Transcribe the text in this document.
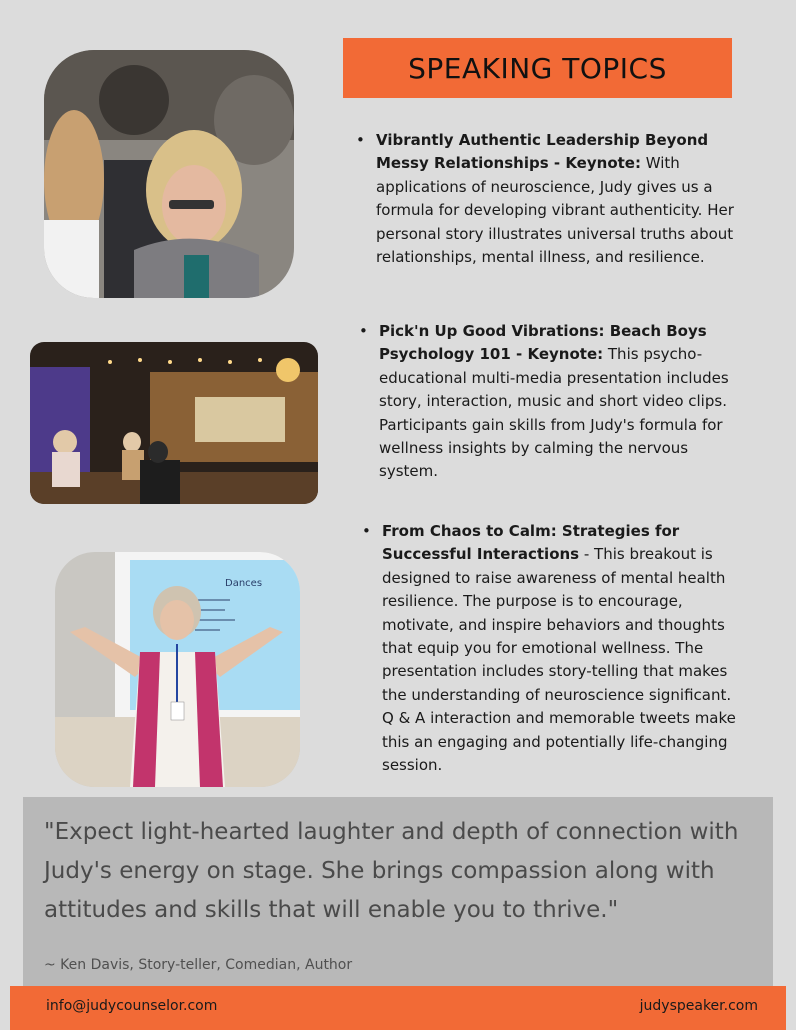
SPEAKING TOPICS
Dances
• Vibrantly Authentic Leadership Beyond Messy Relationships - Keynote: With applications of neuroscience, Judy gives us a formula for developing vibrant authenticity. Her personal story illustrates universal truths about relationships, mental illness, and resilience.
• Pick'n Up Good Vibrations: Beach Boys Psychology 101 - Keynote: This psycho-educational multi-media presentation includes story, interaction, music and short video clips. Participants gain skills from Judy's formula for wellness insights by calming the nervous system.
• From Chaos to Calm: Strategies for Successful Interactions - This breakout is designed to raise awareness of mental health resilience. The purpose is to encourage, motivate, and inspire behaviors and thoughts that equip you for emotional wellness. The presentation includes story-telling that makes the understanding of neuroscience significant. Q & A interaction and memorable tweets make this an engaging and potentially life-changing session.
"Expect light-hearted laughter and depth of connection with Judy's energy on stage. She brings compassion along with attitudes and skills that will enable you to thrive."
~ Ken Davis, Story-teller, Comedian, Author
info@judycounselor.com	judyspeaker.com
